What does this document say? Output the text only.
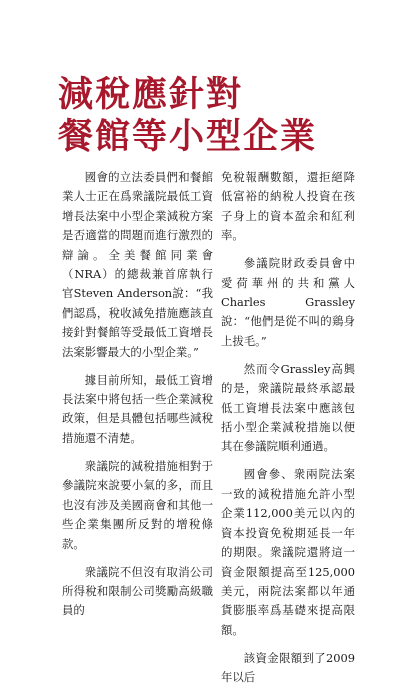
減稅應針對
餐館等小型企業

國會的立法委員們和餐館業人士正在爲衆議院最低工資增長法案中小型企業減稅方案是否適當的問題而進行激烈的辯論。全美餐館同業會（NRA）的總裁兼首席執行官Steven Anderson說：“我們認爲，稅收減免措施應該直接針對餐館等受最低工資增長法案影響最大的小型企業。”

據目前所知，最低工資增長法案中將包括一些企業減稅政策，但是具體包括哪些減稅措施還不清楚。

衆議院的減稅措施相對于參議院來說要小氣的多，而且也沒有涉及美國商會和其他一些企業集團所反對的增稅條款。

衆議院不但沒有取消公司所得稅和限制公司獎勵高級職員的

免稅報酬數額，還拒絕降低富裕的納稅人投資在孩子身上的資本盈余和紅利率。

參議院財政委員會中愛荷華州的共和黨人Charles Grassley說：“他們是從不叫的鶏身上拔毛。”

然而令Grassley高興的是，衆議院最終承認最低工資增長法案中應該包括小型企業減稅措施以便其在參議院順利通過。

國會參、衆兩院法案一致的減稅措施允許小型企業112,000美元以內的資本投資免稅期延長一年的期限。衆議院還將這一資金限額提高至125,000美元，兩院法案都以年通貨膨脹率爲基礎來提高限額。

該資金限額到了2009年以后
